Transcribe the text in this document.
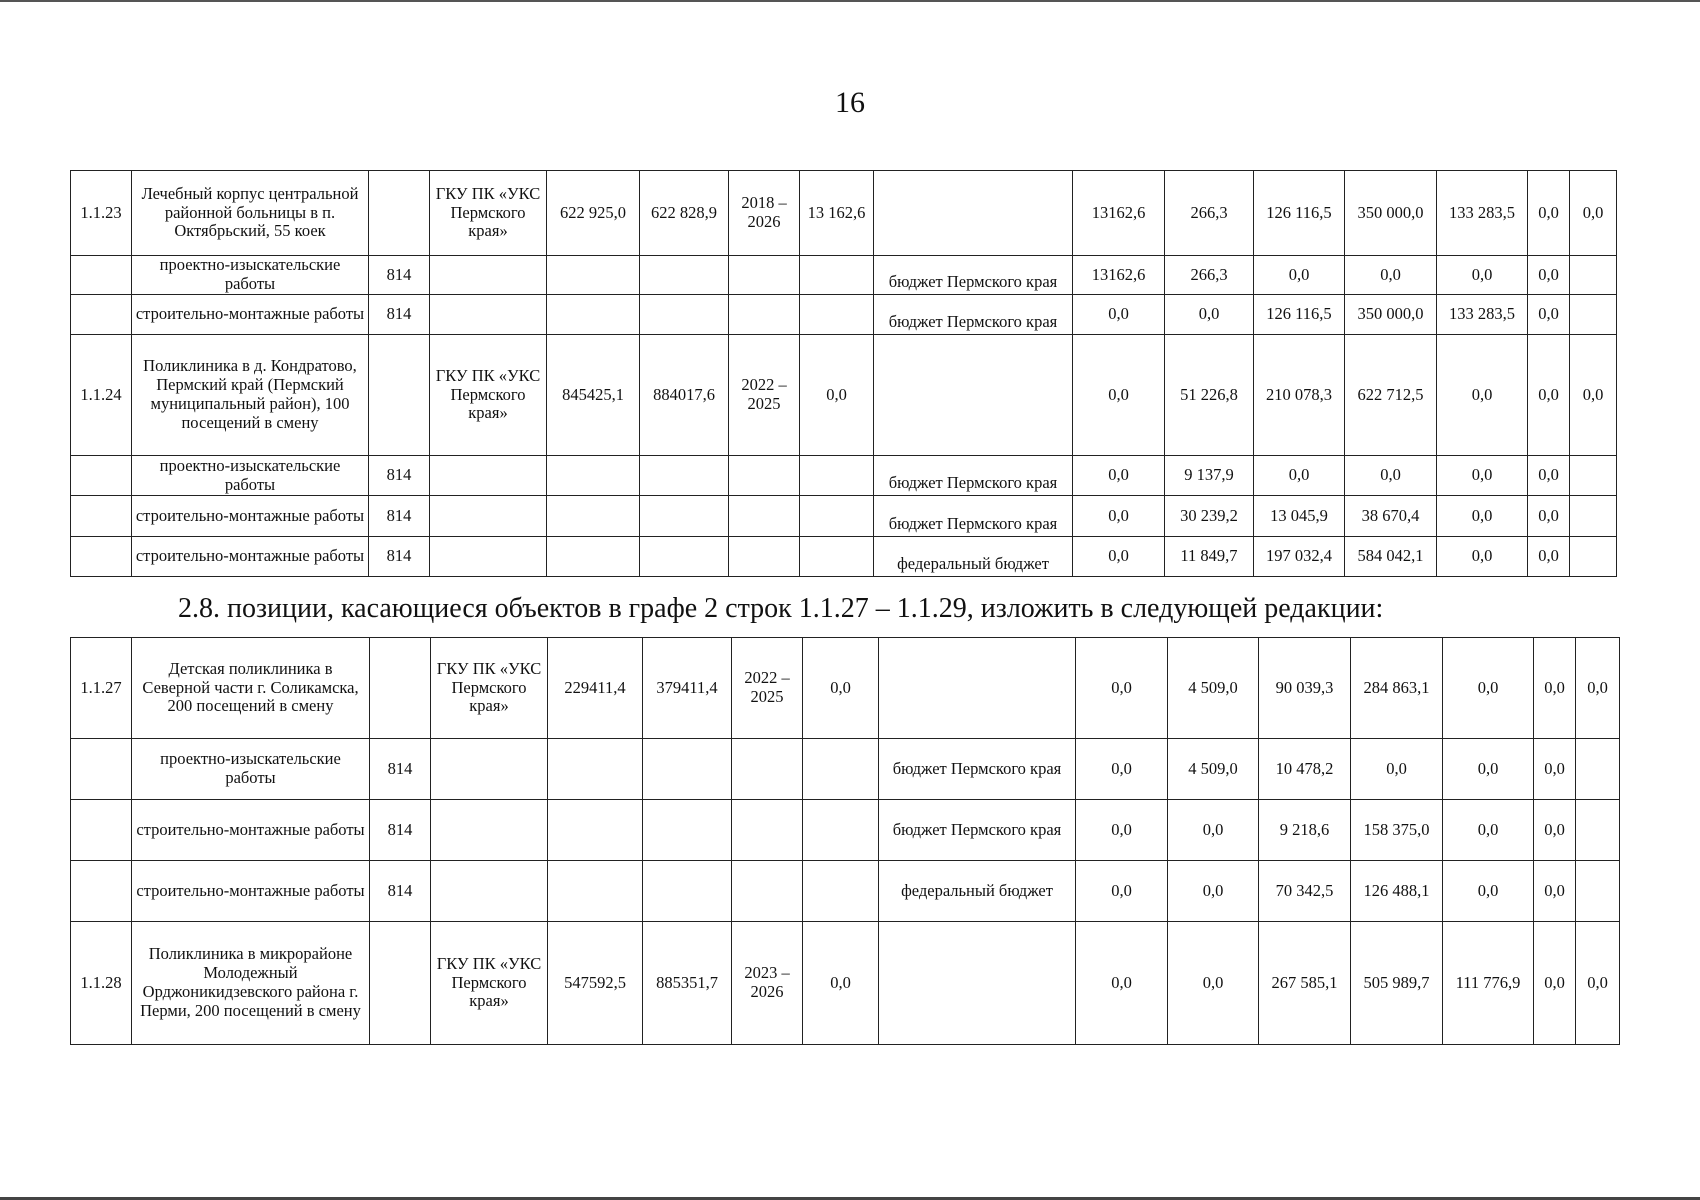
16
1.1.23	Лечебный корпус центральной районной больницы в п. Октябрьский, 55 коек		ГКУ ПК «УКС Пермского края»	622 925,0	622 828,9	2018 – 2026	13 162,6		13162,6	266,3	126 116,5	350 000,0	133 283,5	0,0	0,0
	проектно-изыскательские работы	814						бюджет Пермского края	13162,6	266,3	0,0	0,0	0,0	0,0	
	строительно-монтажные работы	814						бюджет Пермского края	0,0	0,0	126 116,5	350 000,0	133 283,5	0,0	
1.1.24	Поликлиника в д. Кондратово, Пермский край (Пермский муниципальный район), 100 посещений в смену		ГКУ ПК «УКС Пермского края»	845425,1	884017,6	2022 – 2025	0,0		0,0	51 226,8	210 078,3	622 712,5	0,0	0,0	0,0
	проектно-изыскательские работы	814						бюджет Пермского края	0,0	9 137,9	0,0	0,0	0,0	0,0	
	строительно-монтажные работы	814						бюджет Пермского края	0,0	30 239,2	13 045,9	38 670,4	0,0	0,0	
	строительно-монтажные работы	814						федеральный бюджет	0,0	11 849,7	197 032,4	584 042,1	0,0	0,0	
2.8. позиции, касающиеся объектов в графе 2 строк 1.1.27 – 1.1.29, изложить в следующей редакции:
1.1.27	Детская поликлиника в Северной части г. Соликамска, 200 посещений в смену		ГКУ ПК «УКС Пермского края»	229411,4	379411,4	2022 – 2025	0,0		0,0	4 509,0	90 039,3	284 863,1	0,0	0,0	0,0
	проектно-изыскательские работы	814						бюджет Пермского края	0,0	4 509,0	10 478,2	0,0	0,0	0,0	
	строительно-монтажные работы	814						бюджет Пермского края	0,0	0,0	9 218,6	158 375,0	0,0	0,0	
	строительно-монтажные работы	814						федеральный бюджет	0,0	0,0	70 342,5	126 488,1	0,0	0,0	
1.1.28	Поликлиника в микрорайоне Молодежный Орджоникидзевского района г. Перми, 200 посещений в смену		ГКУ ПК «УКС Пермского края»	547592,5	885351,7	2023 – 2026	0,0		0,0	0,0	267 585,1	505 989,7	111 776,9	0,0	0,0
